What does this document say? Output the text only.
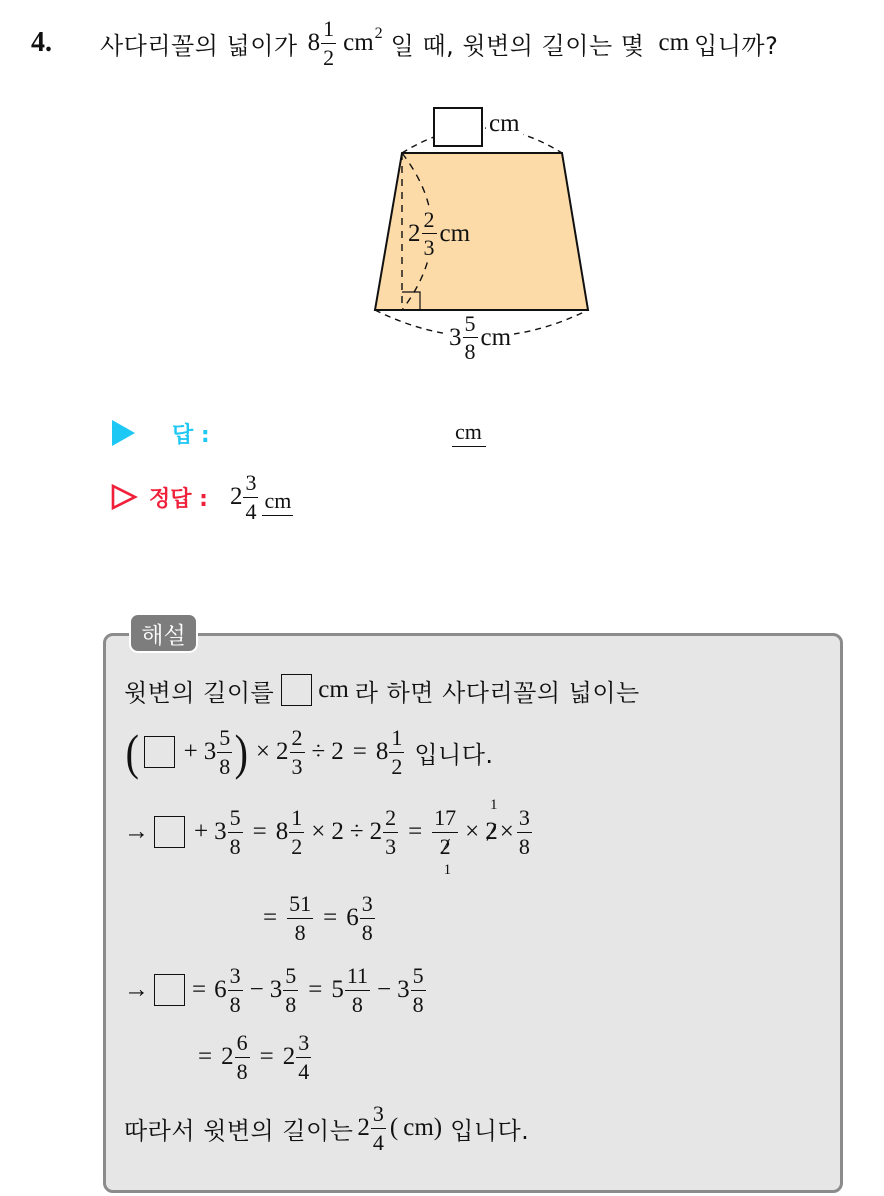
4. 사다리꼴의 넓이가 $8 \frac{1}{2}$ cm 2 일 때, 윗변의 길이는 몇 cm 입니까?
cm
$2 \frac{2}{3}$ cm
$3 \frac{5}{8}$ cm
답 :	cm
정답 : $2 \frac{3}{4}$ cm
해설
윗변의 길이를 cm 라 하면 사다리꼴의 넓이는
( + $3 \frac{5}{8}$ ) × $2 \frac{2}{3} \div 2 = 8 \frac{1}{2}$ 입니다.
→ + $3 \frac{5}{8} = 8 \frac{1}{2} \times 2 \div 2 \frac{2}{3} = 17$
2
1 ×
1
$2 \times \frac{3}{8}$
= $\frac{51}{8} = 6 \frac{3}{8}$
→ = $6 \frac{3}{8} - 3 \frac{5}{8} = 5 \frac{11}{8} - 3 \frac{5}{8}$
= $2 \frac{6}{8} = 2 \frac{3}{4}$
따라서 윗변의 길이는 $2 \frac{3}{4}$ ( cm ) 입니다.
